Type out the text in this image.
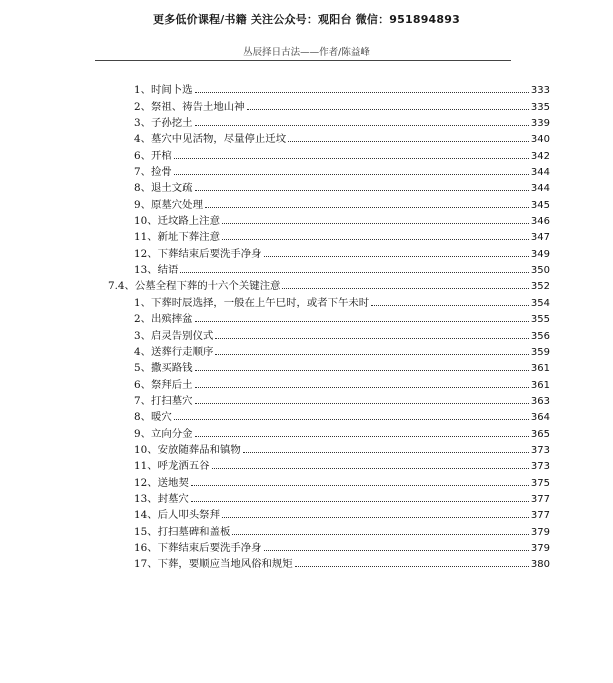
更多低价课程/书籍 关注公众号：观阳台 微信：951894893
丛辰择日古法——作者/陈益峰
1、时间卜选	333
2、祭祖、祷告土地山神	335
3、子孙挖土	339
4、墓穴中见活物，尽量停止迁坟	340
6、开棺	342
7、捡骨	344
8、退土文疏	344
9、原墓穴处理	345
10、迁坟路上注意	346
11、新址下葬注意	347
12、下葬结束后要洗手净身	349
13、结语	350
7.4、公墓全程下葬的十六个关键注意	352
1、下葬时辰选择，一般在上午巳时，或者下午未时	354
2、出殡摔盆	355
3、启灵告别仪式	356
4、送葬行走顺序	359
5、撒买路钱	361
6、祭拜后土	361
7、打扫墓穴	363
8、暖穴	364
9、立向分金	365
10、安放随葬品和镇物	373
11、呼龙洒五谷	373
12、送地契	375
13、封墓穴	377
14、后人叩头祭拜	377
15、打扫墓碑和盖板	379
16、下葬结束后要洗手净身	379
17、下葬，要顺应当地风俗和规矩	380
